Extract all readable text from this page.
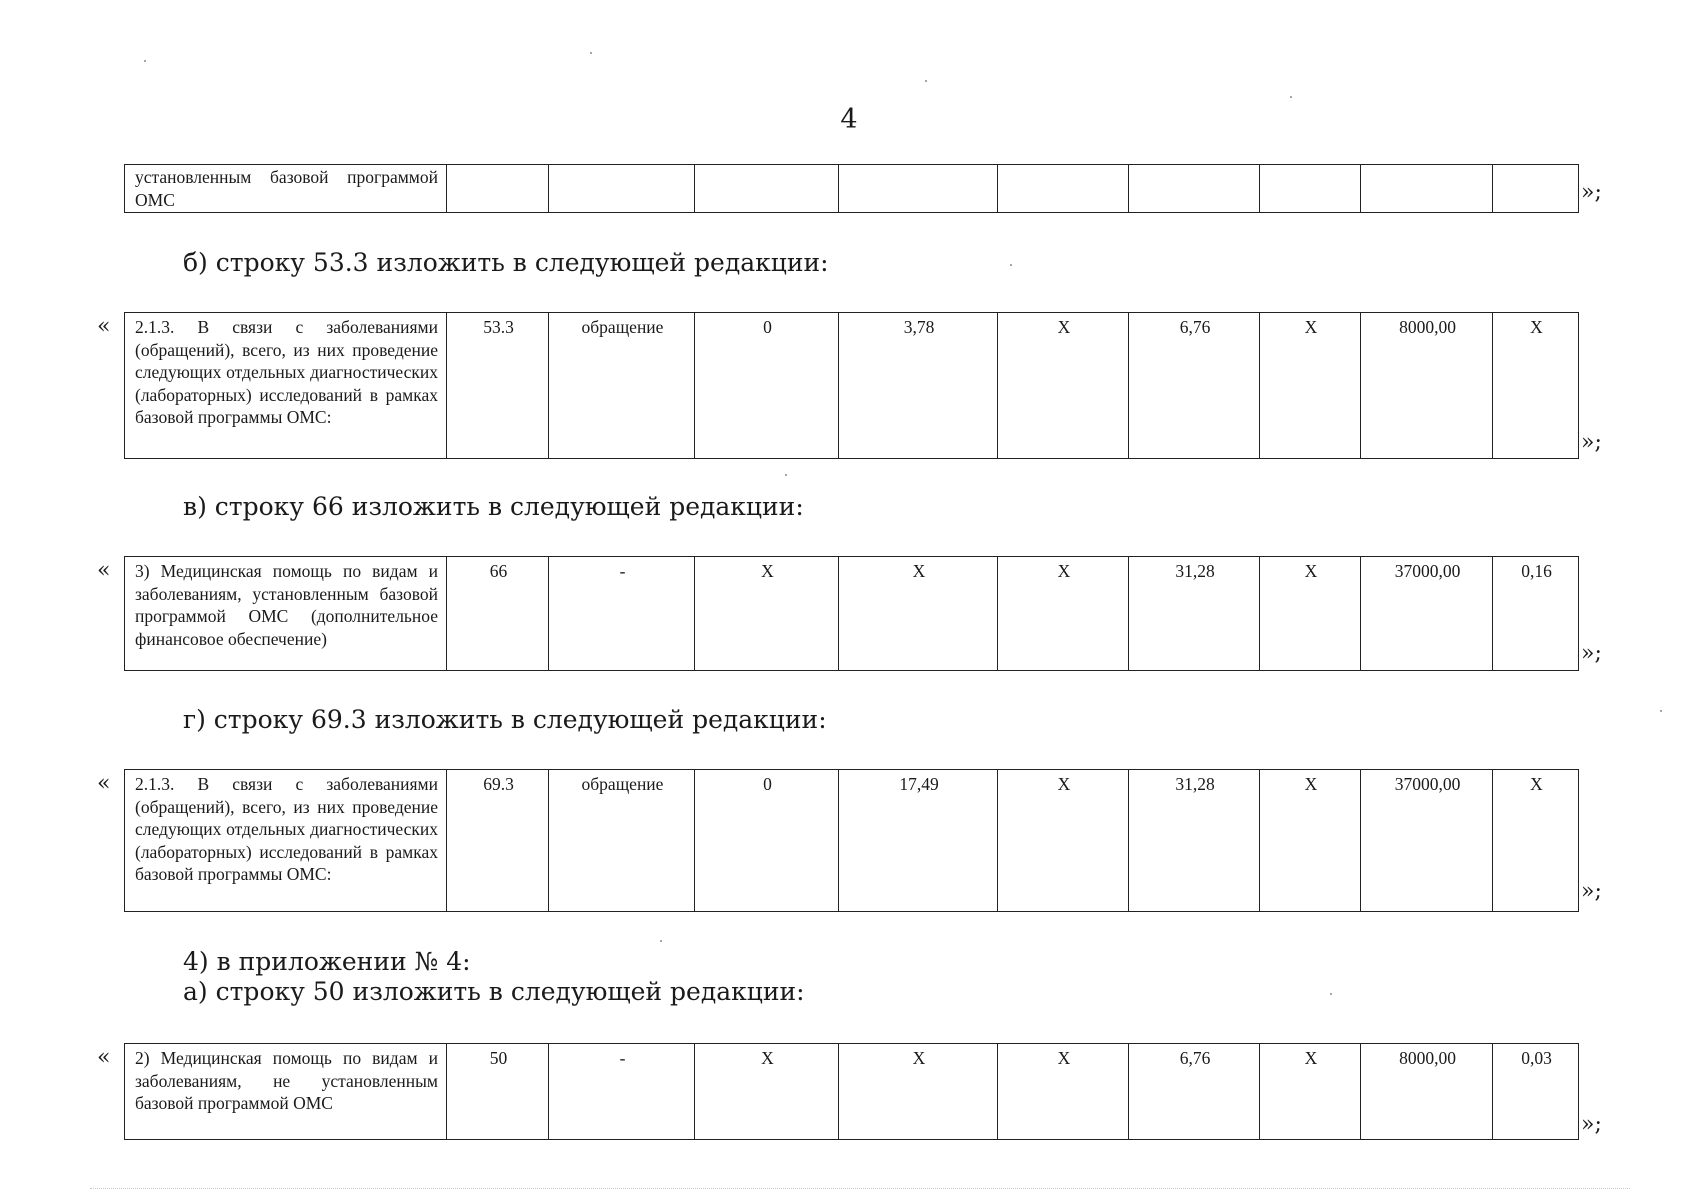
4
установленным базовой программой ОМС
										»;
б) строку 53.3 изложить в следующей редакции:
« 2.1.3. В связи с заболеваниями (обращений), всего, из них проведение следующих отдельных диагностических (лабораторных) исследований в рамках базовой программы ОМС:
	53.3	обращение	0	3,78	Х	6,76	Х	8000,00	Х
»;
в) строку 66 изложить в следующей редакции:
« 3) Медицинская помощь по видам и заболеваниям, установленным базовой программой ОМС (дополнительное финансовое обеспечение)
	66	-	Х	Х	Х	31,28	Х	37000,00	0,16
»;
г) строку 69.3 изложить в следующей редакции:
« 2.1.3. В связи с заболеваниями (обращений), всего, из них проведение следующих отдельных диагностических (лабораторных) исследований в рамках базовой программы ОМС:
	69.3	обращение	0	17,49	Х	31,28	Х	37000,00	Х
»;
4) в приложении № 4:
а) строку 50 изложить в следующей редакции:
« 2) Медицинская помощь по видам и заболеваниям, не установленным базовой программой ОМС
	50	-	Х	Х	Х	6,76	Х	8000,00	0,03
»;
